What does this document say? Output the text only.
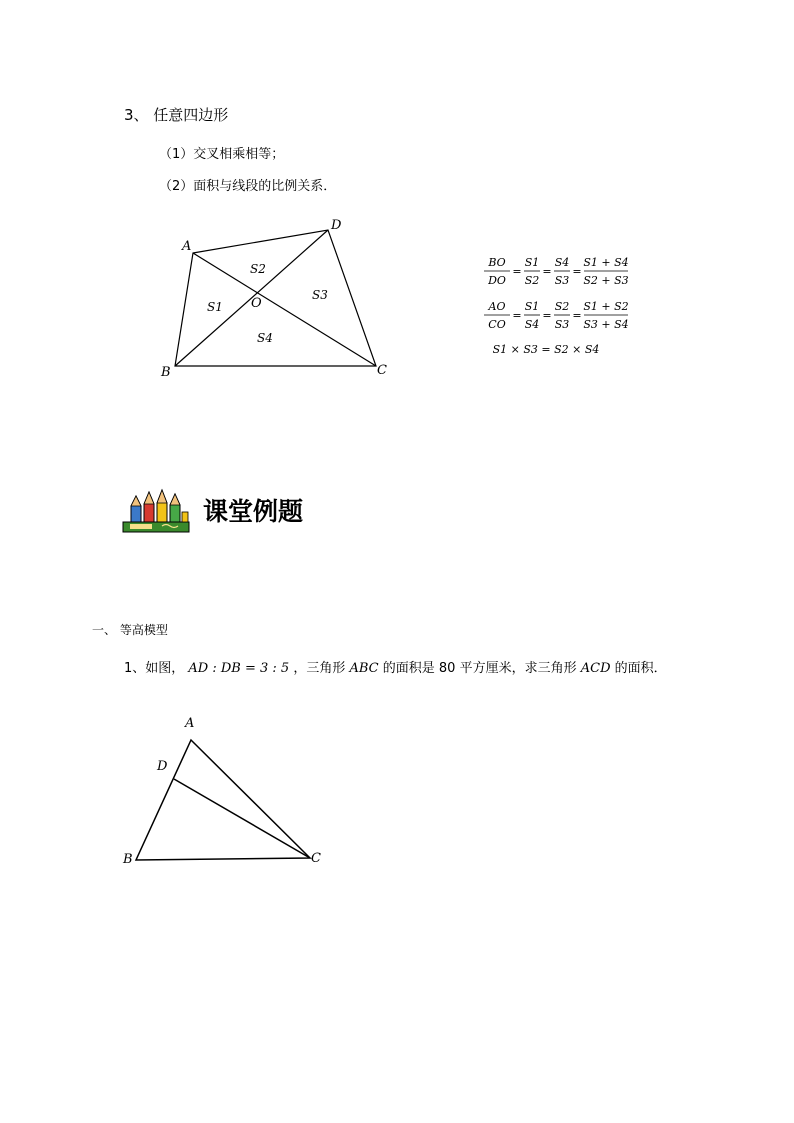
3、 任意四边形
（1）交叉相乘相等；
（2）面积与线段的比例关系．
A
B	C
D
O
S1
S2
S3
S4
BO
DO
=
S1
S2
=
S4
S3
=
S1 + S4
S2 + S3
AO
CO
=
S1
S4
=
S2
S3
=
S1 + S2
S3 + S4
S1 × S3 = S2 × S4
课堂例题
一、 等高模型
1、如图， AD : DB = 3 : 5 ，三角形 ABC 的面积是 80 平方厘米，求三角形 ACD 的面积．
A
D
B	C
